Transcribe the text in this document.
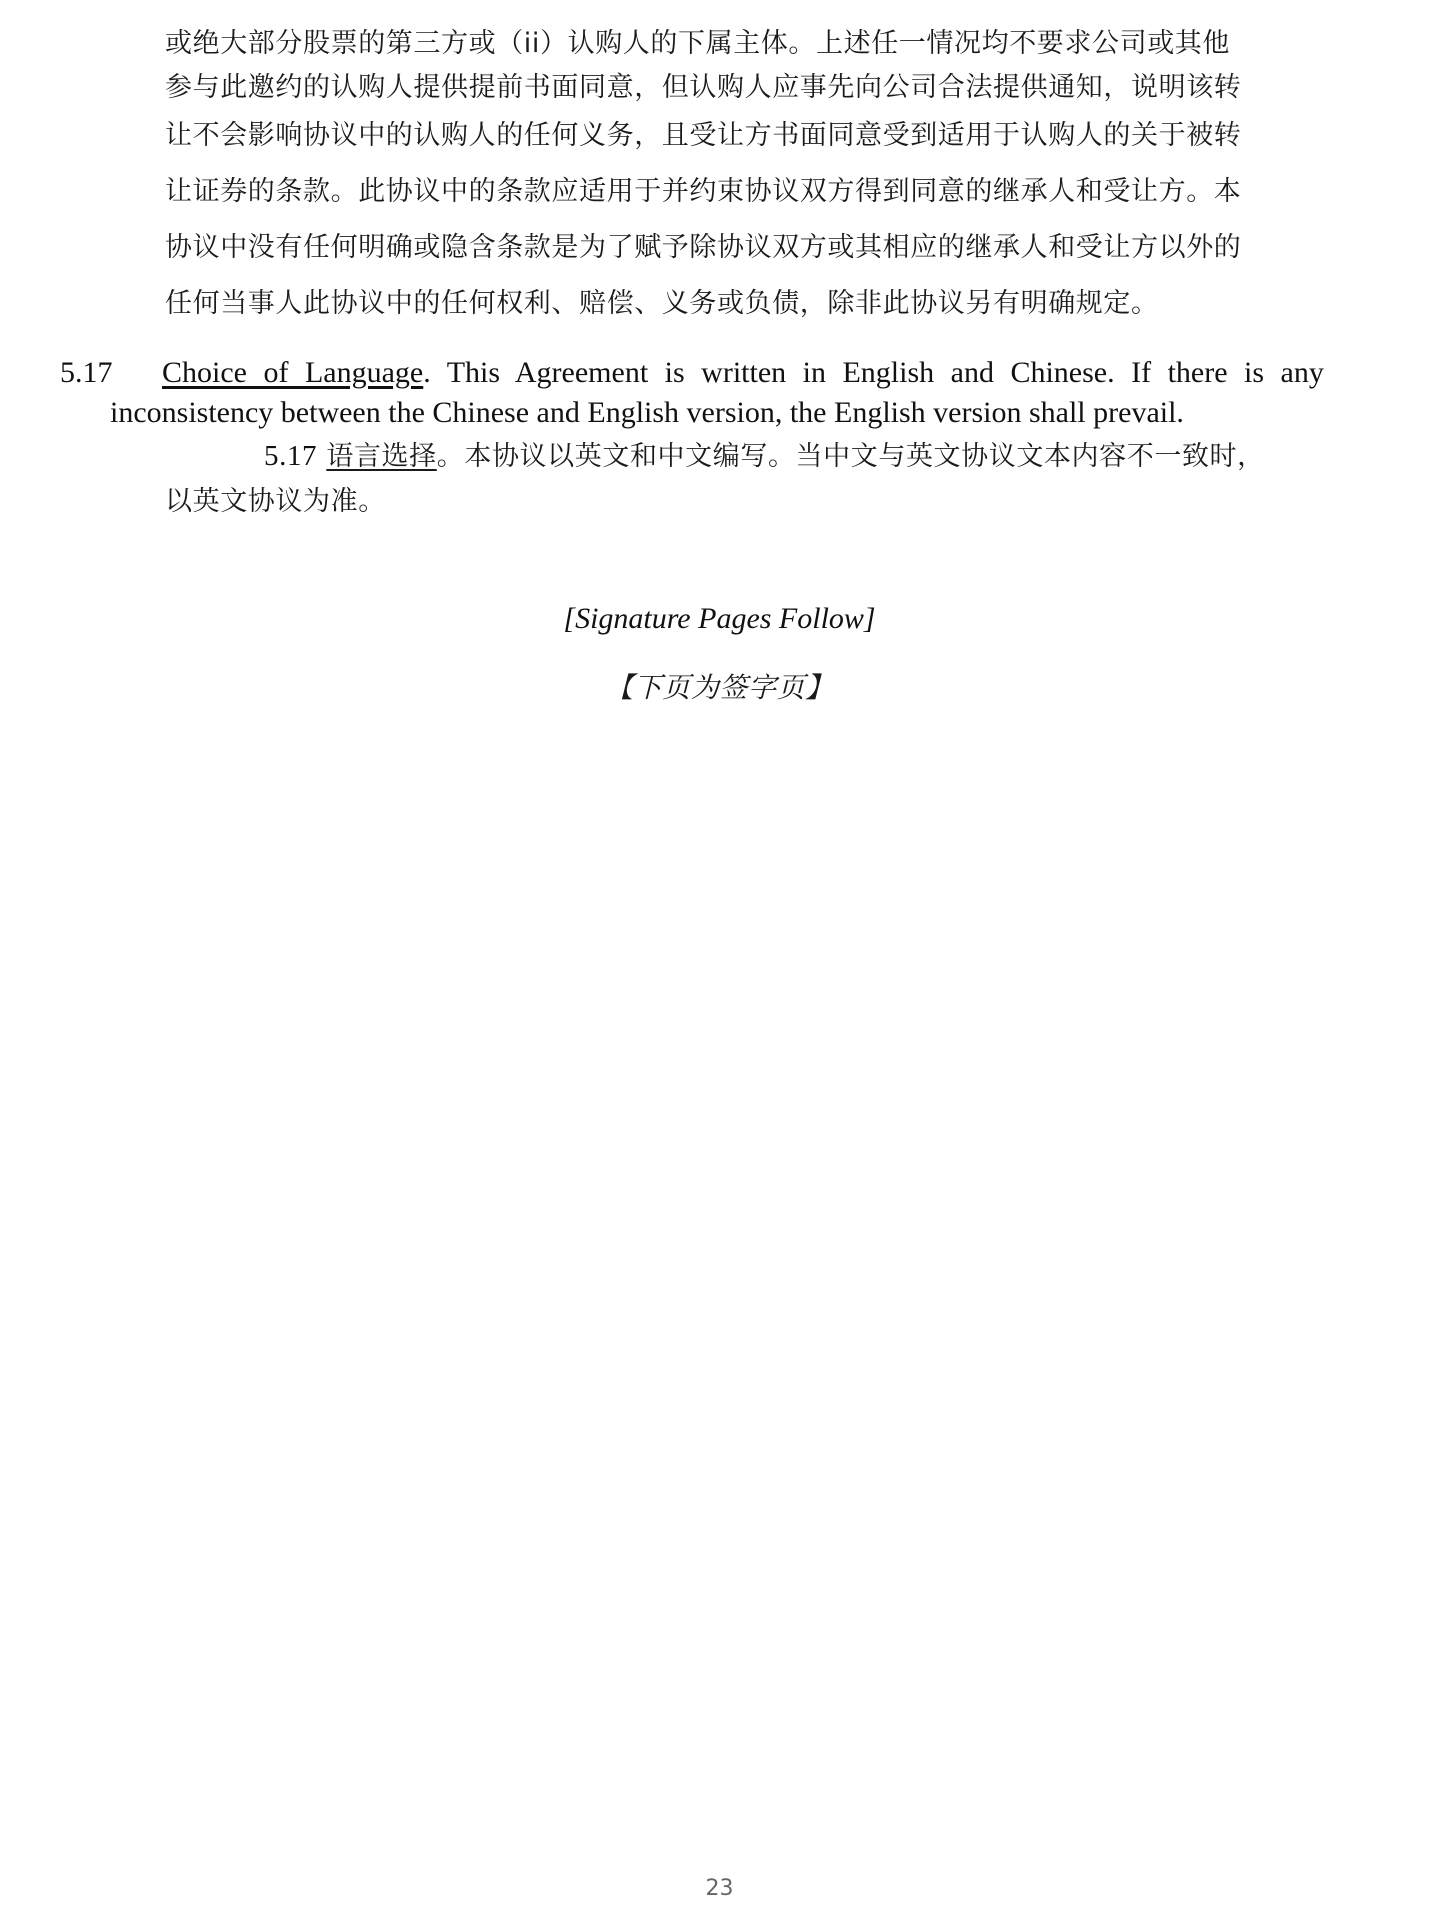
或绝大部分股票的第三方或（ii）认购人的下属主体。上述任一情况均不要求公司或其他
参与此邀约的认购人提供提前书面同意，但认购人应事先向公司合法提供通知，说明该转
让不会影响协议中的认购人的任何义务，且受让方书面同意受到适用于认购人的关于被转
让证券的条款。此协议中的条款应适用于并约束协议双方得到同意的继承人和受让方。本
协议中没有任何明确或隐含条款是为了赋予除协议双方或其相应的继承人和受让方以外的
任何当事人此协议中的任何权利、赔偿、义务或负债，除非此协议另有明确规定。
5.17 Choice of Language. This Agreement is written in English and Chinese. If there is any
inconsistency between the Chinese and English version, the English version shall prevail.
5.17 语言选择。本协议以英文和中文编写。当中文与英文协议文本内容不一致时，
以英文协议为准。
[Signature Pages Follow]
【下页为签字页】
23
